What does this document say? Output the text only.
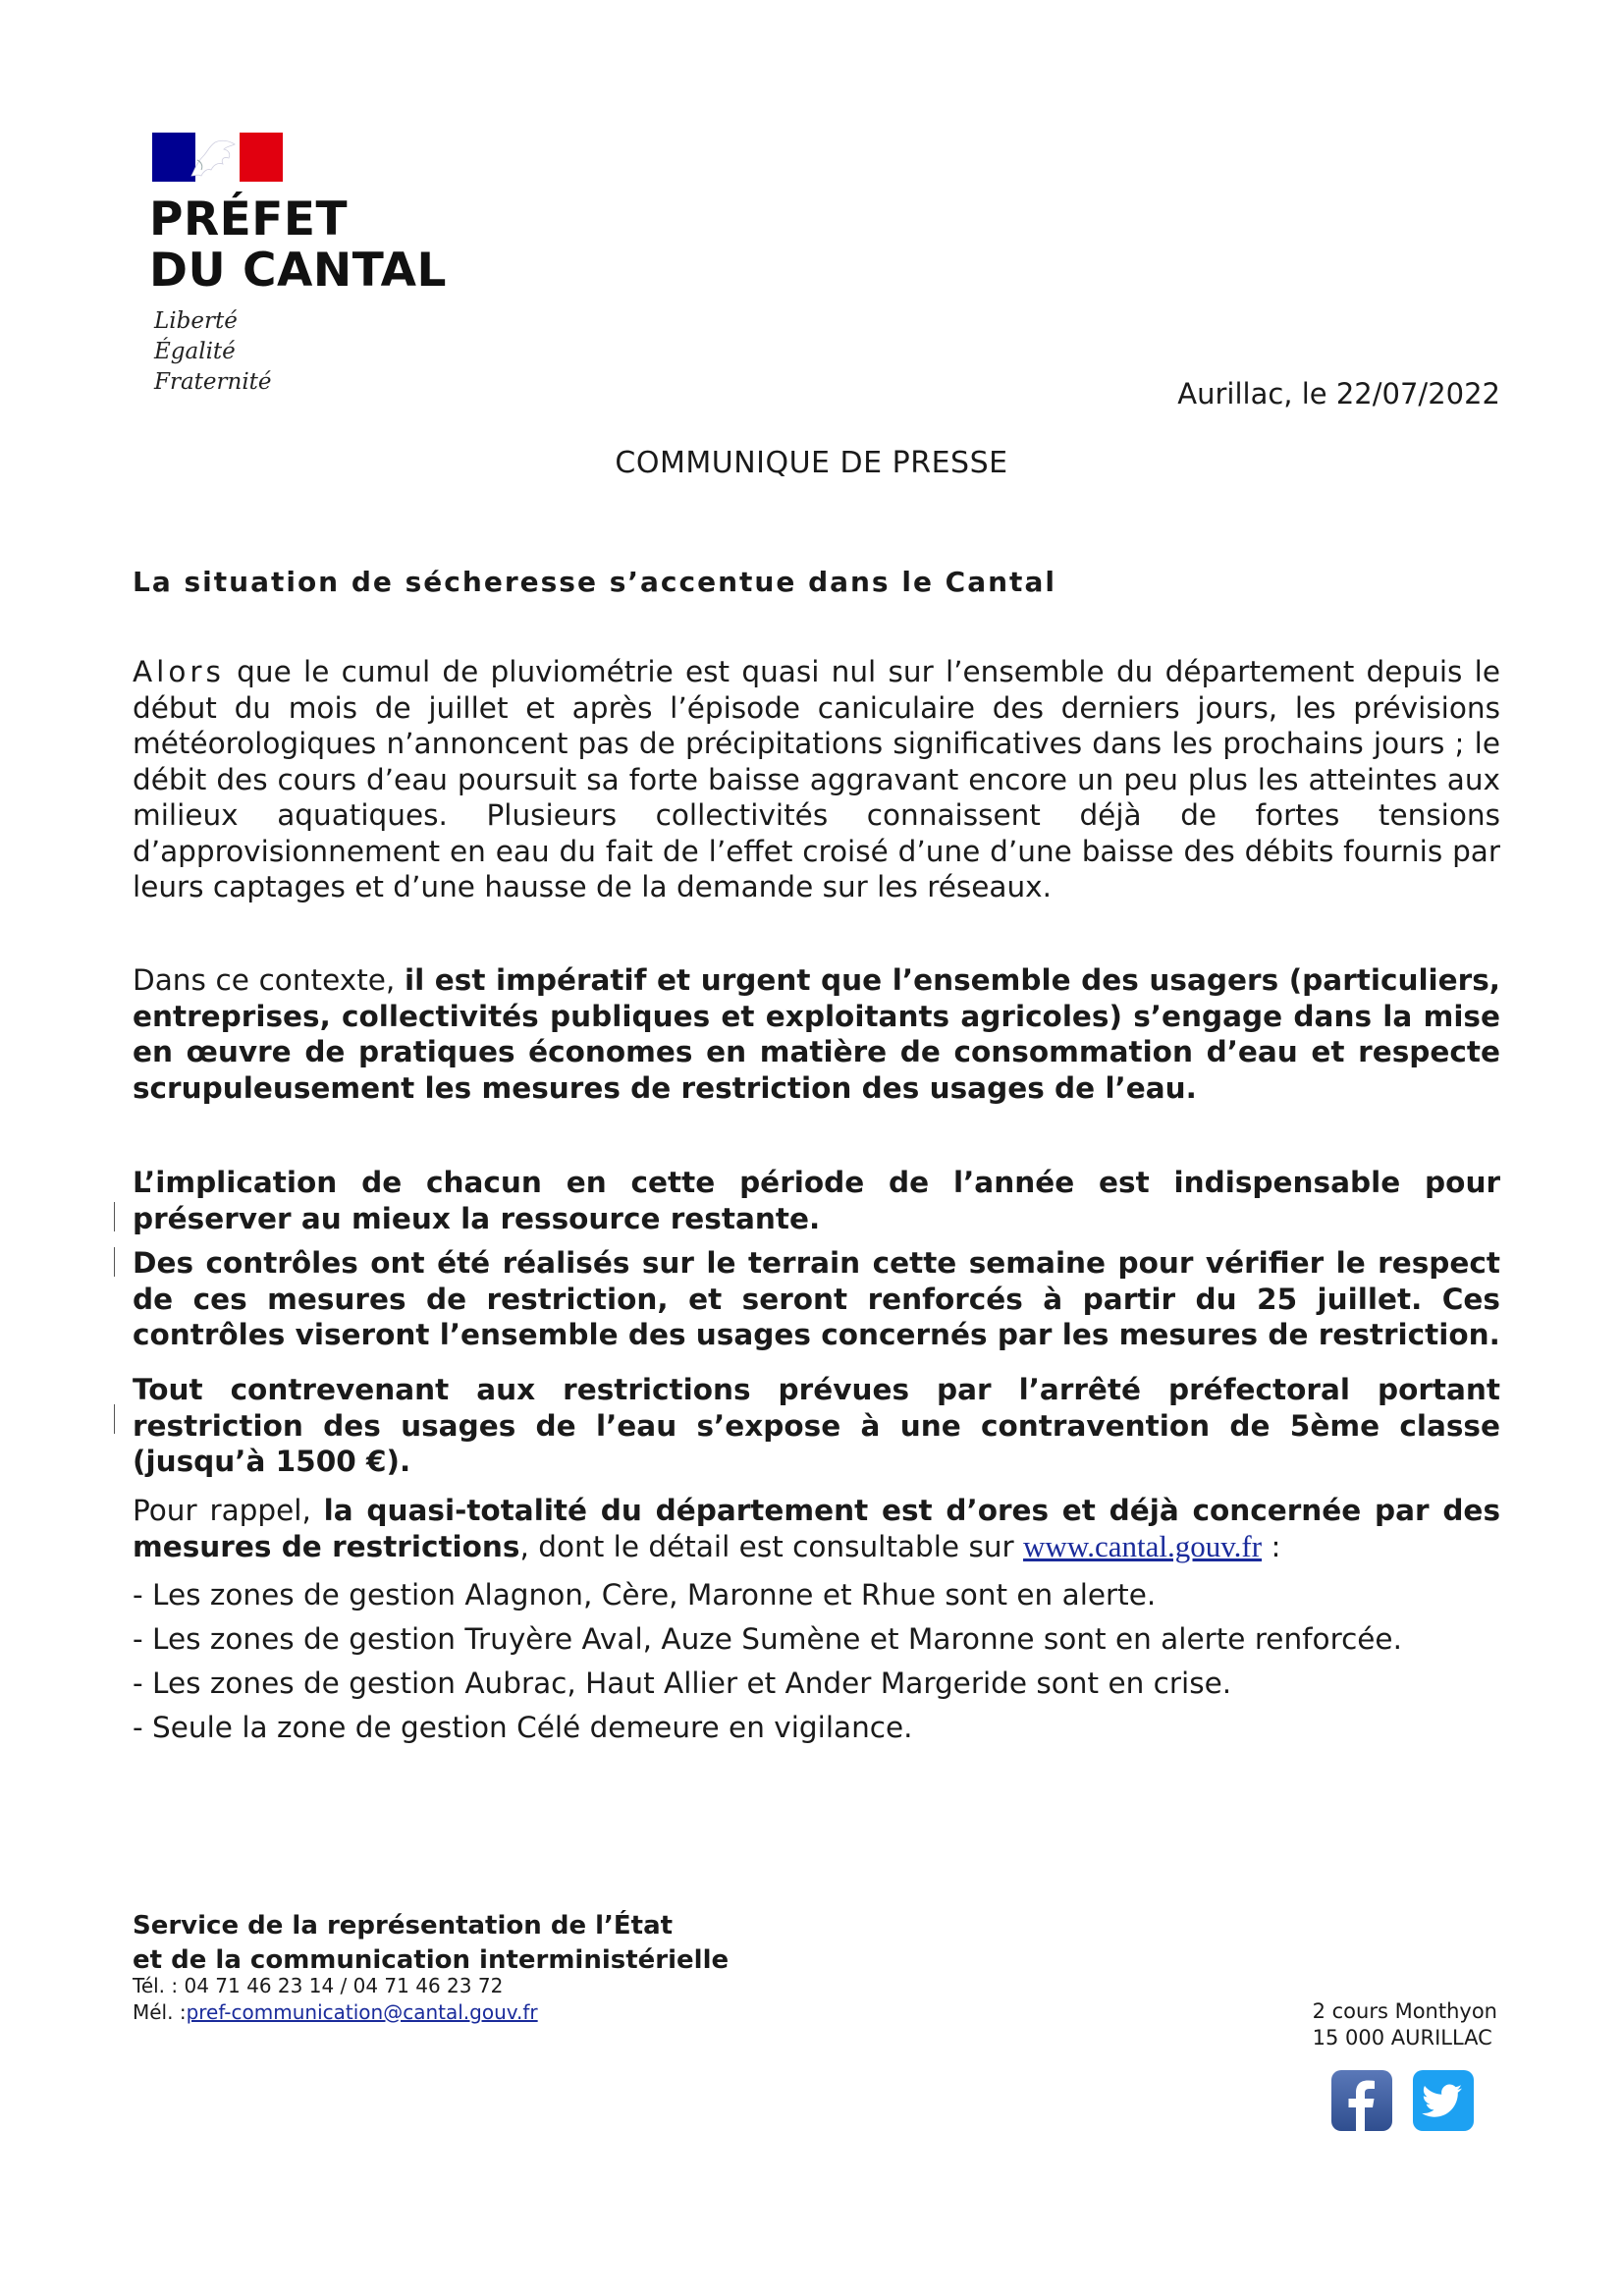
PRÉFET
DU CANTAL
Liberté
Égalité
Fraternité	Aurillac, le 22/07/2022
COMMUNIQUE DE PRESSE
La situation de sécheresse s’accentue dans le Cantal
Alors que le cumul de pluviométrie est quasi nul sur l’ensemble du département depuis le début du mois de juillet et après l’épisode caniculaire des derniers jours, les prévisions météorologiques n’annoncent pas de précipitations significatives dans les prochains jours ; le débit des cours d’eau poursuit sa forte baisse aggravant encore un peu plus les atteintes aux milieux aquatiques. Plusieurs collectivités connaissent déjà de fortes tensions d’approvisionnement en eau du fait de l’effet croisé d’une d’une baisse des débits fournis par leurs captages et d’une hausse de la demande sur les réseaux.
Dans ce contexte, il est impératif et urgent que l’ensemble des usagers (particuliers, entreprises, collectivités publiques et exploitants agricoles) s’engage dans la mise en œuvre de pratiques économes en matière de consommation d’eau et respecte scrupuleusement les mesures de restriction des usages de l’eau.
L’implication de chacun en cette période de l’année est indispensable pour préserver au mieux la ressource restante.
Des contrôles ont été réalisés sur le terrain cette semaine pour vérifier le respect de ces mesures de restriction, et seront renforcés à partir du 25 juillet. Ces contrôles viseront l’ensemble des usages concernés par les mesures de restriction.
Tout contrevenant aux restrictions prévues par l’arrêté préfectoral portant restriction des usages de l’eau s’expose à une contravention de 5ème classe (jusqu’à 1500 €).
Pour rappel, la quasi-totalité du département est d’ores et déjà concernée par des mesures de restrictions, dont le détail est consultable sur www.cantal.gouv.fr :
- Les zones de gestion Alagnon, Cère, Maronne et Rhue sont en alerte.
- Les zones de gestion Truyère Aval, Auze Sumène et Maronne sont en alerte renforcée.
- Les zones de gestion Aubrac, Haut Allier et Ander Margeride sont en crise.
- Seule la zone de gestion Célé demeure en vigilance.
Service de la représentation de l’État
et de la communication interministérielle
Tél. : 04 71 46 23 14 / 04 71 46 23 72
Mél. :pref-communication@cantal.gouv.fr	2 cours Monthyon
15 000 AURILLAC
